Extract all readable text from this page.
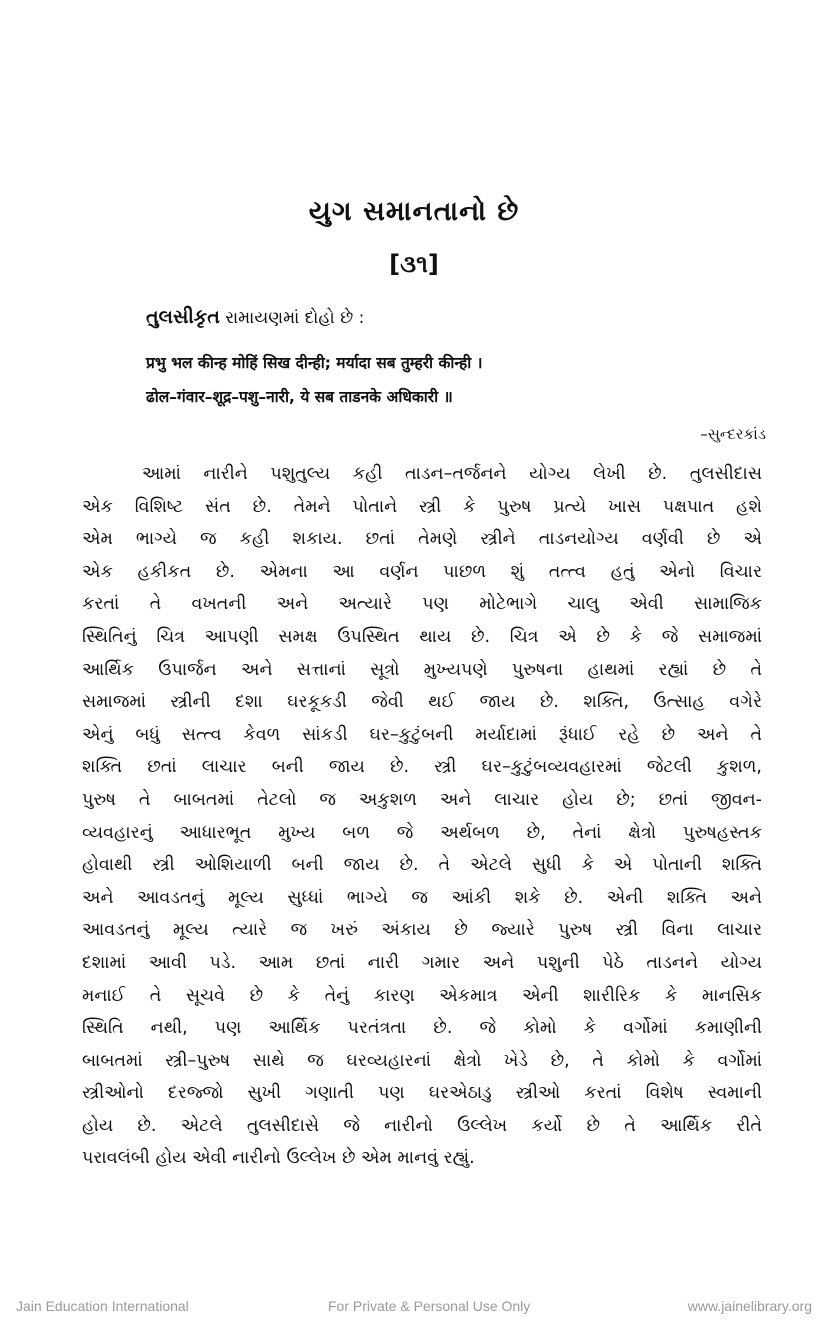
યુગ સમાનતાનો છે
[૩૧]
તુલસીકૃત રામાયણમાં દોહો છે :
प्रभु भल कीन्ह मोहिं सिख दीन्ही; मर्यादा सब तुम्हरी कीन्ही ।
ढोल–गंवार–शूद्र–पशु–नारी, ये सब ताडनके अधिकारी ॥
–સુન્દરકાંડ
આમાં નારીને પશુતુલ્ય કહી તાડન–તર્જનને યોગ્ય લેખી છે. તુલસીદાસ
એક વિશિષ્ટ સંત છે. તેમને પોતાને સ્ત્રી કે પુરુષ પ્રત્યે ખાસ પક્ષપાત હશે
એમ ભાગ્યે જ કહી શકાય. છતાં તેમણે સ્ત્રીને તાડનયોગ્ય વર્ણવી છે એ
એક હકીકત છે. એમના આ વર્ણન પાછળ શું તત્ત્વ હતું એનો વિચાર
કરતાં તે વખતની અને અત્યારે પણ મોટેભાગે ચાલુ એવી સામાજિક
સ્થિતિનું ચિત્ર આપણી સમક્ષ ઉપસ્થિત થાય છે. ચિત્ર એ છે કે જે સમાજમાં
આર્થિક ઉપાર્જન અને સત્તાનાં સૂત્રો મુખ્યપણે પુરુષના હાથમાં રહ્યાં છે તે
સમાજમાં સ્ત્રીની દશા ઘરકૂકડી જેવી થઈ જાય છે. શક્તિ, ઉત્સાહ વગેરે
એનું બધું સત્ત્વ કેવળ સાંકડી ઘર–કુટુંબની મર્યાદામાં રૂંધાઈ રહે છે અને તે
શક્તિ છતાં લાચાર બની જાય છે. સ્ત્રી ઘર–કુટુંબવ્યવહારમાં જેટલી કુશળ,
પુરુષ તે બાબતમાં તેટલો જ અકુશળ અને લાચાર હોય છે; છતાં જીવન-
વ્યવહારનું આધારભૂત મુખ્ય બળ જે અર્થબળ છે, તેનાં ક્ષેત્રો પુરુષહસ્તક
હોવાથી સ્ત્રી ઓશિયાળી બની જાય છે. તે એટલે સુધી કે એ પોતાની શક્તિ
અને આવડતનું મૂલ્ય સુધ્ધાં ભાગ્યે જ આંકી શકે છે. એની શક્તિ અને
આવડતનું મૂલ્ય ત્યારે જ ખરું અંકાય છે જ્યારે પુરુષ સ્ત્રી વિના લાચાર
દશામાં આવી પડે. આમ છતાં નારી ગમાર અને પશુની પેઠે તાડનને યોગ્ય
મનાઈ તે સૂચવે છે કે તેનું કારણ એકમાત્ર એની શારીરિક કે માનસિક
સ્થિતિ નથી, પણ આર્થિક પરતંત્રતા છે. જે કોમો કે વર્ગોમાં કમાણીની
બાબતમાં સ્ત્રી–પુરુષ સાથે જ ઘરવ્યહારનાં ક્ષેત્રો ખેડે છે, તે કોમો કે વર્ગોમાં
સ્ત્રીઓનો દરજ્જો સુખી ગણાતી પણ ઘરએઠાડુ સ્ત્રીઓ કરતાં વિશેષ સ્વમાની
હોય છે. એટલે તુલસીદાસે જે નારીનો ઉલ્લેખ કર્યો છે તે આર્થિક રીતે
પરાવલંબી હોય એવી નારીનો ઉલ્લેખ છે એમ માનવું રહ્યું.
Jain Education International	For Private & Personal Use Only	www.jainelibrary.org
